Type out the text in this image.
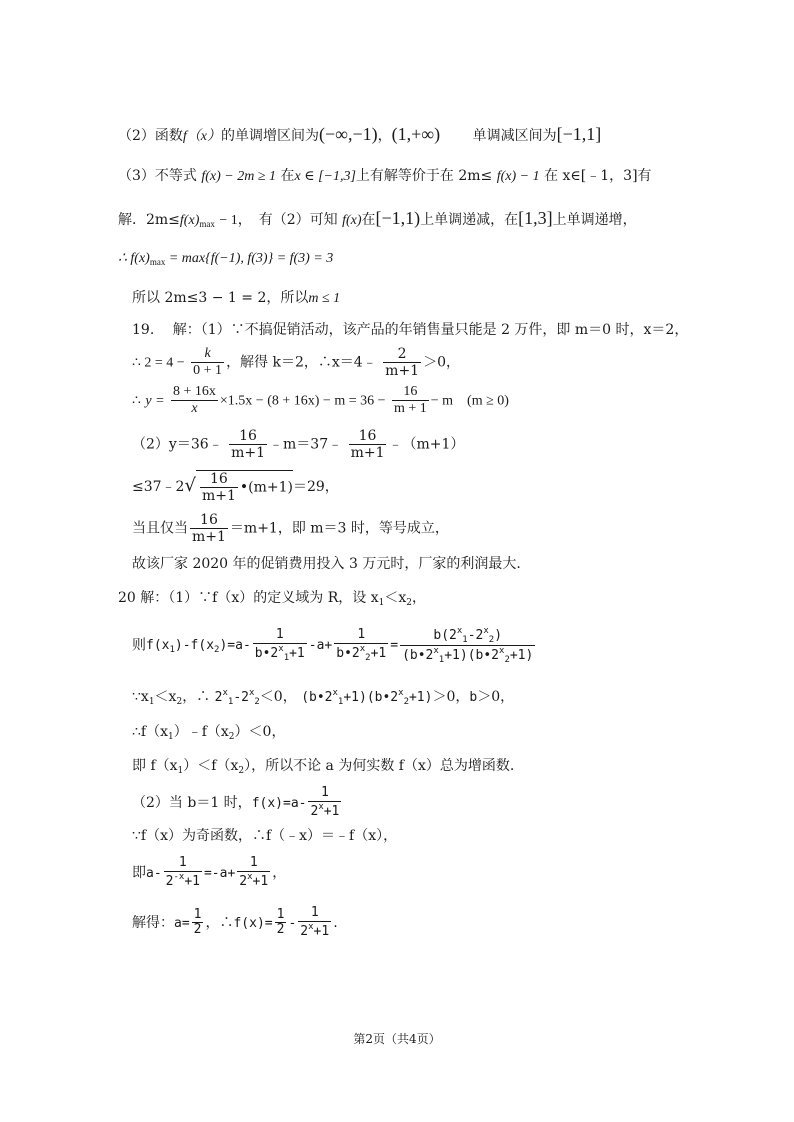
（2）函数f（x）的单调增区间为(−∞,−1)，(1,+∞) 单调减区间为[−1,1]
（3）不等式 f(x) − 2m ≥ 1 在x ∈ [−1,3]上有解等价于在 2m≤ f(x) − 1 在 x∈[﹣1，3]有
解．$2m\le f(x)_{max} - 1$，　有（2）可知 f(x)在[−1,1)上单调递减，在[1,3]上单调递增，
∴ $f(x)_{max} = \max\{f(-1)$, f(3)} = f(3) = 3
所以 2m≤3 − 1 = 2，所以m ≤ 1
19.　 解：（1）∵不搞促销活动，该产品的年销售量只能是 2 万件，即 m＝0 时，x＝2，
∴ $2 = 4 - \frac{k}{0 + 1}$ ，解得 k＝2，∴x＝4﹣ $\frac{2}{m+1} >0$，
∴ $y = \frac{8 + 16x}{x} \times 1.5x - (8 + 16x) - m = 36 - \frac{16}{m + 1} - m$　(m ≥ 0)
（2）y＝36﹣ $\frac{16}{m+1}$ ﹣m＝37﹣ $\frac{16}{m+1}$ ﹣（m+1）
≤37﹣2√ $\frac{16}{m+1}$ •(m+1)＝29，
当且仅当 $\frac{16}{m+1} =m+1$，即 m＝3 时，等号成立，
故该厂家 2020 年的促销费用投入 3 万元时，厂家的利润最大.
20 解：（1）∵f（x）的定义域为 R，设 $x_1<x_2$，
则$f(x_1)-f(x_2)=a- \frac{1}{b•2^x_1+1} -a+ \frac{1}{b•2^x_2+1} = \frac{b(2^x_1-2^x_2)}{(b•2^x_1+1)(b•2^x_2+1)}$
$\because x_1<x_2$，∴ $2^x_1-2^x_2<0$， $(b•2^x_1+1)(b•2^x_2+1)>0$，b＞0，
$\therefore f(x_1)﹣f(x_2)<0$，
即 $f(x_1)<f(x_2)$，所以不论 a 为何实数 f（x）总为增函数.
（2）当 b＝1 时，$f(x)=a- \frac{1}{2^x+1}$
∵f（x）为奇函数，∴f（﹣x）＝﹣f（x），
即$a- \frac{1}{2^{-x}+1} =-a+ \frac{1}{2^x+1}$ ，
解得：$a= \frac{1}{2}$ ，∴f(x)= $\frac{1}{2} - \frac{1}{2^x+1}$ .
第2页（共4页）
